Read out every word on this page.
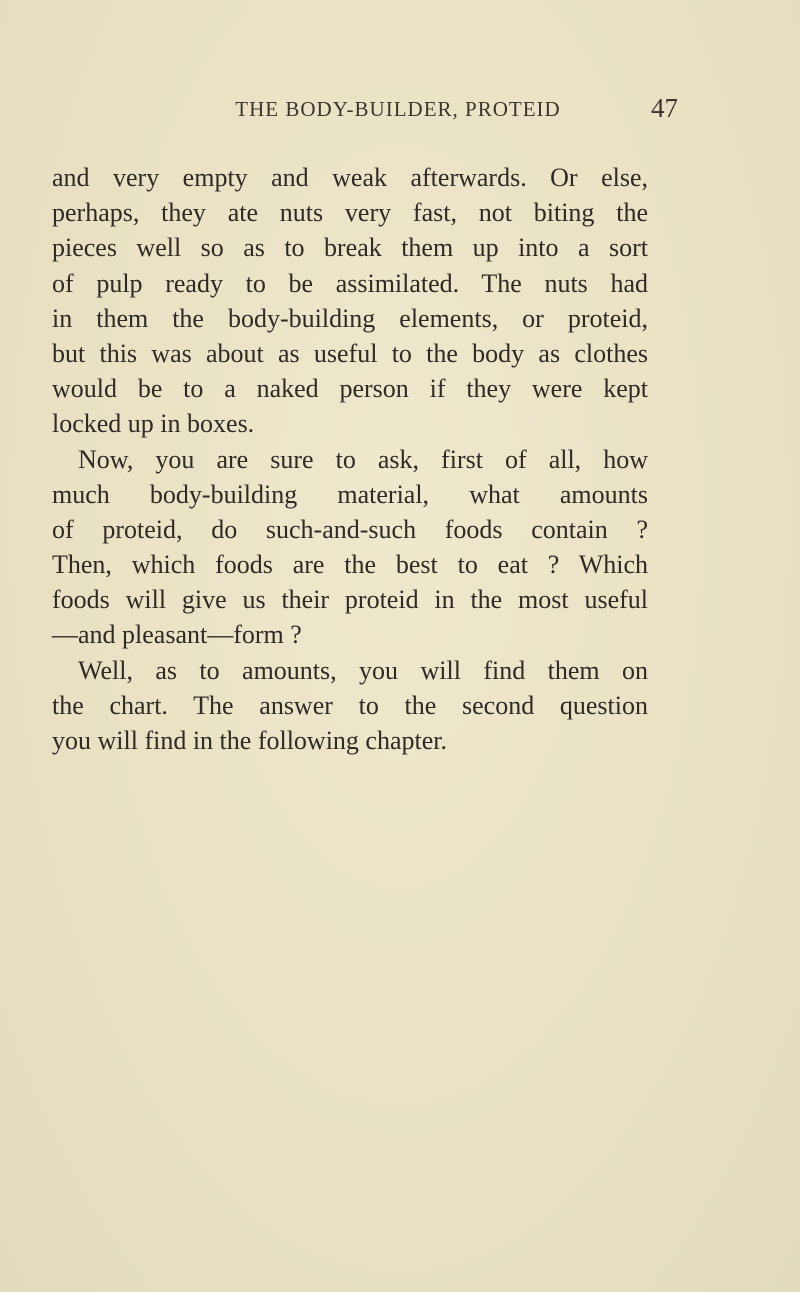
THE BODY-BUILDER, PROTEID	47
and very empty and weak afterwards. Or else,
perhaps, they ate nuts very fast, not biting the
pieces well so as to break them up into a sort
of pulp ready to be assimilated. The nuts had
in them the body-building elements, or proteid,
but this was about as useful to the body as clothes
would be to a naked person if they were kept
locked up in boxes.
Now, you are sure to ask, first of all, how
much body-building material, what amounts
of proteid, do such-and-such foods contain ?
Then, which foods are the best to eat ? Which
foods will give us their proteid in the most useful
—and pleasant—form ?
Well, as to amounts, you will find them on
the chart. The answer to the second question
you will find in the following chapter.
